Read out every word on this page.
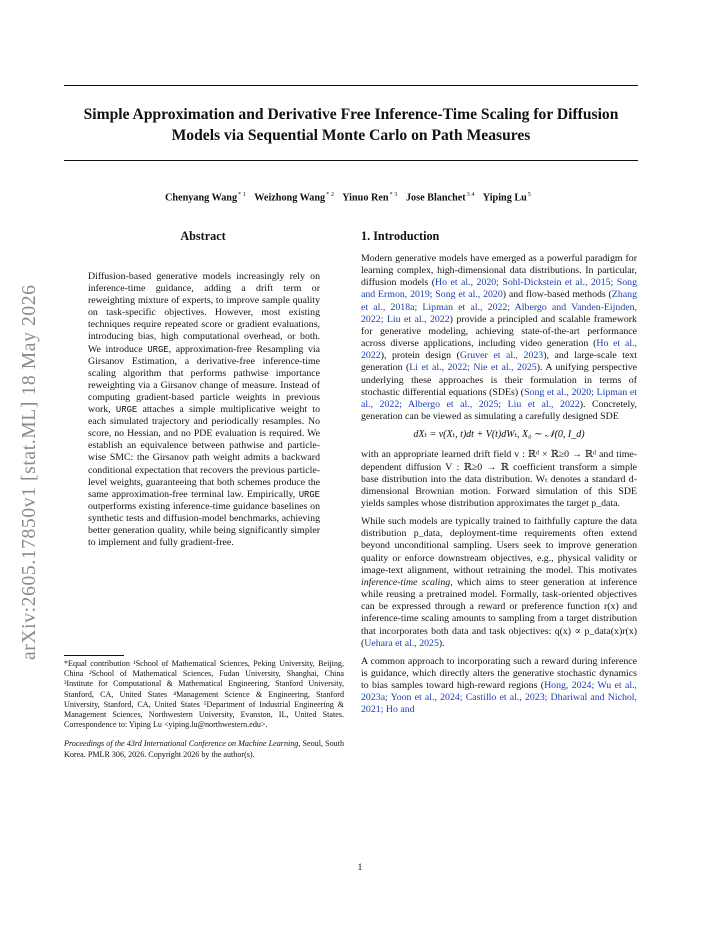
arXiv:2605.17850v1 [stat.ML] 18 May 2026
Simple Approximation and Derivative Free Inference-Time Scaling for Diffusion Models via Sequential Monte Carlo on Path Measures
Chenyang Wang$^{* 1}$ Weizhong Wang$^{* 2}$ Yinuo Ren$^{* 3}$ Jose Blanchet$^{3 4}$ Yiping Lu$^5$
Abstract	1. Introduction

Diffusion-based generative models increasingly rely on inference-time guidance, adding a drift term or reweighting mixture of experts, to improve sample quality on task-specific objectives. However, most existing techniques require repeated score or gradient evaluations, introducing bias, high computational overhead, or both. We introduce URGE, approximation-free Resampling via Girsanov Estimation, a derivative-free inference-time scaling algorithm that performs pathwise importance reweighting via a Girsanov change of measure. Instead of computing gradient-based particle weights in previous work, URGE attaches a simple multiplicative weight to each simulated trajectory and periodically resamples. No score, no Hessian, and no PDE evaluation is required. We establish an equivalence between pathwise and particle-wise SMC: the Girsanov path weight admits a backward conditional expectation that recovers the previous particle-level weights, guaranteeing that both schemes produce the same approximation-free terminal law. Empirically, URGE outperforms existing inference-time guidance baselines on synthetic tests and diffusion-model benchmarks, achieving better generation quality, while being significantly simpler to implement and fully gradient-free.

Modern generative models have emerged as a powerful paradigm for learning complex, high-dimensional data distributions. In particular, diffusion models (Ho et al., 2020; Sohl-Dickstein et al., 2015; Song and Ermon, 2019; Song et al., 2020) and flow-based methods (Zhang et al., 2018a; Lipman et al., 2022; Albergo and Vanden-Eijnden, 2022; Liu et al., 2022) provide a principled and scalable framework for generative modeling, achieving state-of-the-art performance across diverse applications, including video generation (Ho et al., 2022), protein design (Gruver et al., 2023), and large-scale text generation (Li et al., 2022; Nie et al., 2025). A unifying perspective underlying these approaches is their formulation in terms of stochastic differential equations (SDEs) (Song et al., 2020; Lipman et al., 2022; Albergo et al., 2025; Liu et al., 2022). Concretely, generation can be viewed as simulating a carefully designed SDE

dXₜ = v(Xₜ, t)dt + V(t)dWₜ, X₀ ∼ 𝒩(0, I_d)

with an appropriate learned drift field v : ℝᵈ × ℝ≥0 → ℝᵈ and time-dependent diffusion V : ℝ≥0 → ℝ coefficient transform a simple base distribution into the data distribution. Wₜ denotes a standard d-dimensional Brownian motion. Forward simulation of this SDE yields samples whose distribution approximates the target p_data.

While such models are typically trained to faithfully capture the data distribution p_data, deployment-time requirements often extend beyond unconditional sampling. Users seek to improve generation quality or enforce downstream objectives, e.g., physical validity or image-text alignment, without retraining the model. This motivates inference-time scaling, which aims to steer generation at inference while reusing a pretrained model. Formally, task-oriented objectives can be expressed through a reward or preference function r(x) and inference-time scaling amounts to sampling from a target distribution that incorporates both data and task objectives: q(x) ∝ p_data(x)r(x) (Uehara et al., 2025).

A common approach to incorporating such a reward during inference is guidance, which directly alters the generative stochastic dynamics to bias samples toward high-reward regions (Hong, 2024; Wu et al., 2023a; Yoon et al., 2024; Castillo et al., 2023; Dhariwal and Nichol, 2021; Ho and

*Equal contribution ¹School of Mathematical Sciences, Peking University, Beijing, China ²School of Mathematical Sciences, Fudan University, Shanghai, China ³Institute for Computational & Mathematical Engineering, Stanford University, Stanford, CA, United States ⁴Management Science & Engineering, Stanford University, Stanford, CA, United States ⁵Department of Industrial Engineering & Management Sciences, Northwestern University, Evanston, IL, United States. Correspondence to: Yiping Lu <yiping.lu@northwestern.edu>.

Proceedings of the 43rd International Conference on Machine Learning, Seoul, South Korea. PMLR 306, 2026. Copyright 2026 by the author(s).

1
